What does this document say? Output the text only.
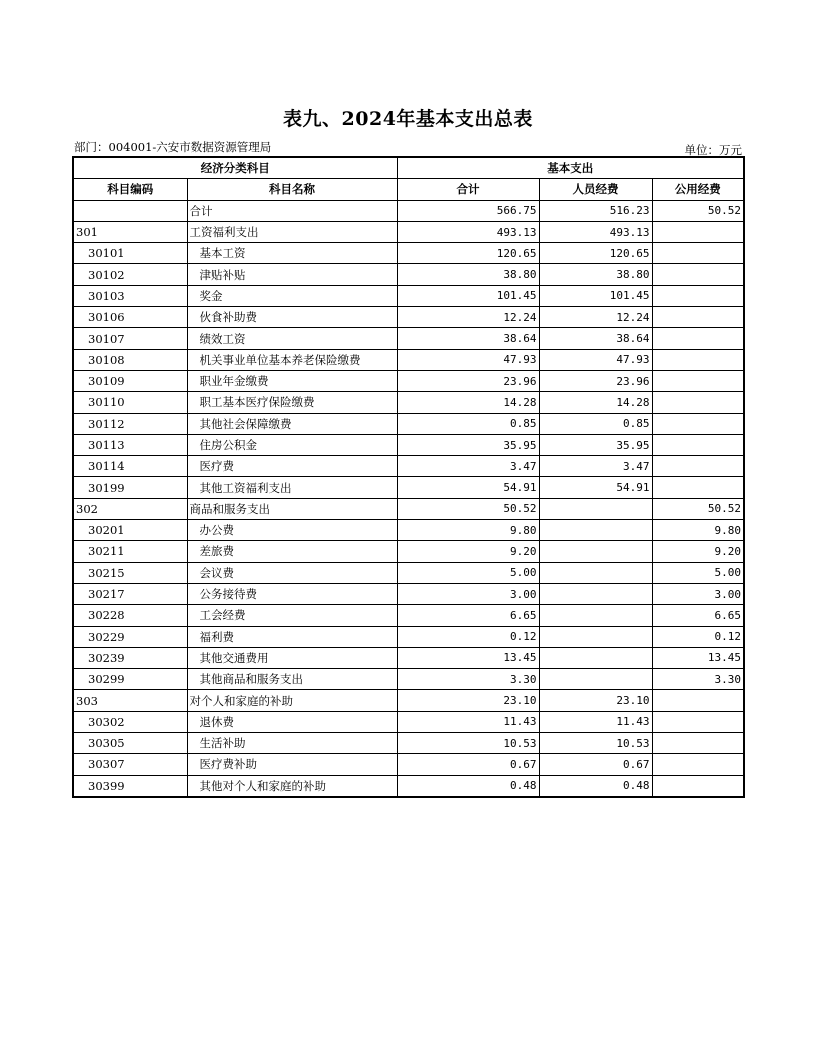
表九、2024年基本支出总表
部门：004001-六安市数据资源管理局	单位：万元
经济分类科目		基本支出		
科目编码	科目名称	合计	人员经费	公用经费
	合计	566.75	516.23	50.52
301	工资福利支出	493.13	493.13	
30101	基本工资	120.65	120.65	
30102	津贴补贴	38.80	38.80	
30103	奖金	101.45	101.45	
30106	伙食补助费	12.24	12.24	
30107	绩效工资	38.64	38.64	
30108	机关事业单位基本养老保险缴费	47.93	47.93	
30109	职业年金缴费	23.96	23.96	
30110	职工基本医疗保险缴费	14.28	14.28	
30112	其他社会保障缴费	0.85	0.85	
30113	住房公积金	35.95	35.95	
30114	医疗费	3.47	3.47	
30199	其他工资福利支出	54.91	54.91	
302	商品和服务支出	50.52		50.52
30201	办公费	9.80		9.80
30211	差旅费	9.20		9.20
30215	会议费	5.00		5.00
30217	公务接待费	3.00		3.00
30228	工会经费	6.65		6.65
30229	福利费	0.12		0.12
30239	其他交通费用	13.45		13.45
30299	其他商品和服务支出	3.30		3.30
303	对个人和家庭的补助	23.10	23.10	
30302	退休费	11.43	11.43	
30305	生活补助	10.53	10.53	
30307	医疗费补助	0.67	0.67	
30399	其他对个人和家庭的补助	0.48	0.48	
